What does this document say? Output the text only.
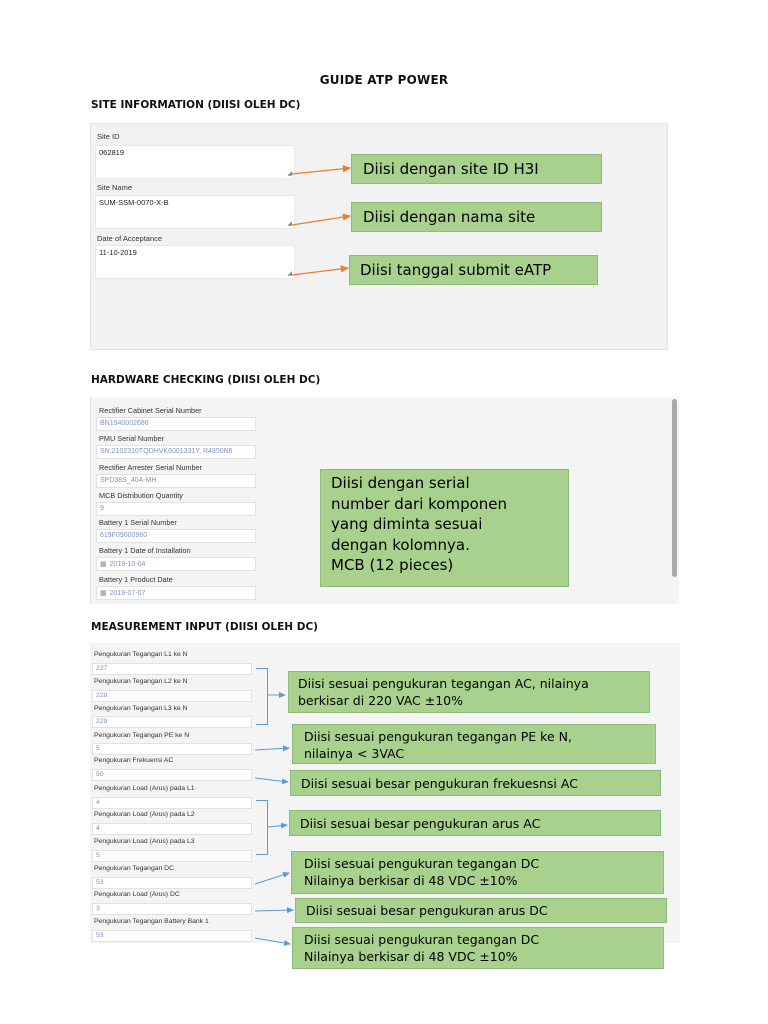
GUIDE ATP POWER
SITE INFORMATION (DIISI OLEH DC)
HARDWARE CHECKING (DIISI OLEH DC)
MEASUREMENT INPUT (DIISI OLEH DC)
Site ID
062819
◢
Site Name
SUM-SSM-0070-X-B
◢
Date of Acceptance
11-10-2019
◢
Diisi dengan site ID H3I
Diisi dengan nama site
Diisi tanggal submit eATP
Rectifier Cabinet Serial Number
BN1940002686
PMU Serial Number
SN:2102310TQDHVK6001331Y, R4850N6
Rectifier Arrester Serial Number
SPD38S_40A-MH
MCB Distribution Quantity
9
Battery 1 Serial Number
619F09000960
Battery 1 Date of Installation
▦ 2019-10-04
Battery 1 Product Date
▦ 2019-07-07
Diisi dengan serial
number dari komponen
yang diminta sesuai
dengan kolomnya.
MCB (12 pieces)
Pengukuran Tegangan L1 ke N
227
Pengukuran Tegangan L2 ke N
228
Pengukuran Tegangan L3 ke N
229
Pengukuran Tegangan PE ke N
5
Pengukuran Frekuensi AC
50
Pengukuran Load (Arus) pada L1
4
Pengukuran Load (Arus) pada L2
4
Pengukuran Load (Arus) pada L3
5
Pengukuran Tegangan DC
53
Pengukuran Load (Arus) DC
3
Pengukuran Tegangan Battery Bank 1
53
Diisi sesuai pengukuran tegangan AC, nilainya
berkisar di 220 VAC ±10%
Diisi sesuai pengukuran tegangan PE ke N,
nilainya < 3VAC
Diisi sesuai besar pengukuran frekuesnsi AC
Diisi sesuai besar pengukuran arus AC
Diisi sesuai pengukuran tegangan DC
Nilainya berkisar di 48 VDC ±10%
Diisi sesuai besar pengukuran arus DC
Diisi sesuai pengukuran tegangan DC
Nilainya berkisar di 48 VDC ±10%
